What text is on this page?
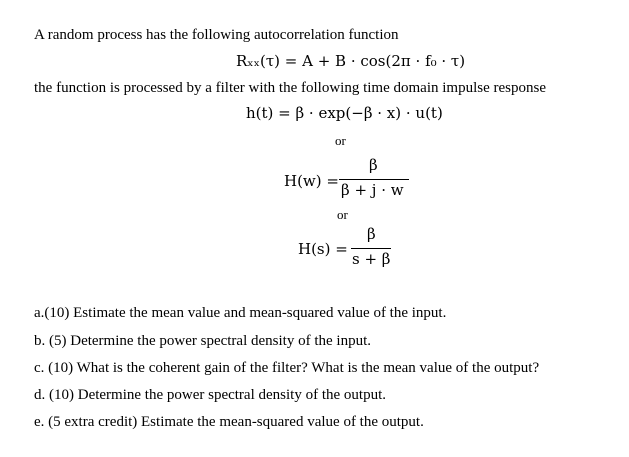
A random process has the following autocorrelation function
Rₓₓ(τ) = A + B · cos(2π · f₀ · τ)
the function is processed by a filter with the following time domain impulse response
h(t) = β · exp(−β · x) · u(t)
or
H(w) =
β
β + j · w
or
H(s) =
β
s + β
a.(10) Estimate the mean value and mean-squared value of the input.
b. (5) Determine the power spectral density of the input.
c. (10) What is the coherent gain of the filter? What is the mean value of the output?
d. (10) Determine the power spectral density of the output.
e. (5 extra credit) Estimate the mean-squared value of the output.
